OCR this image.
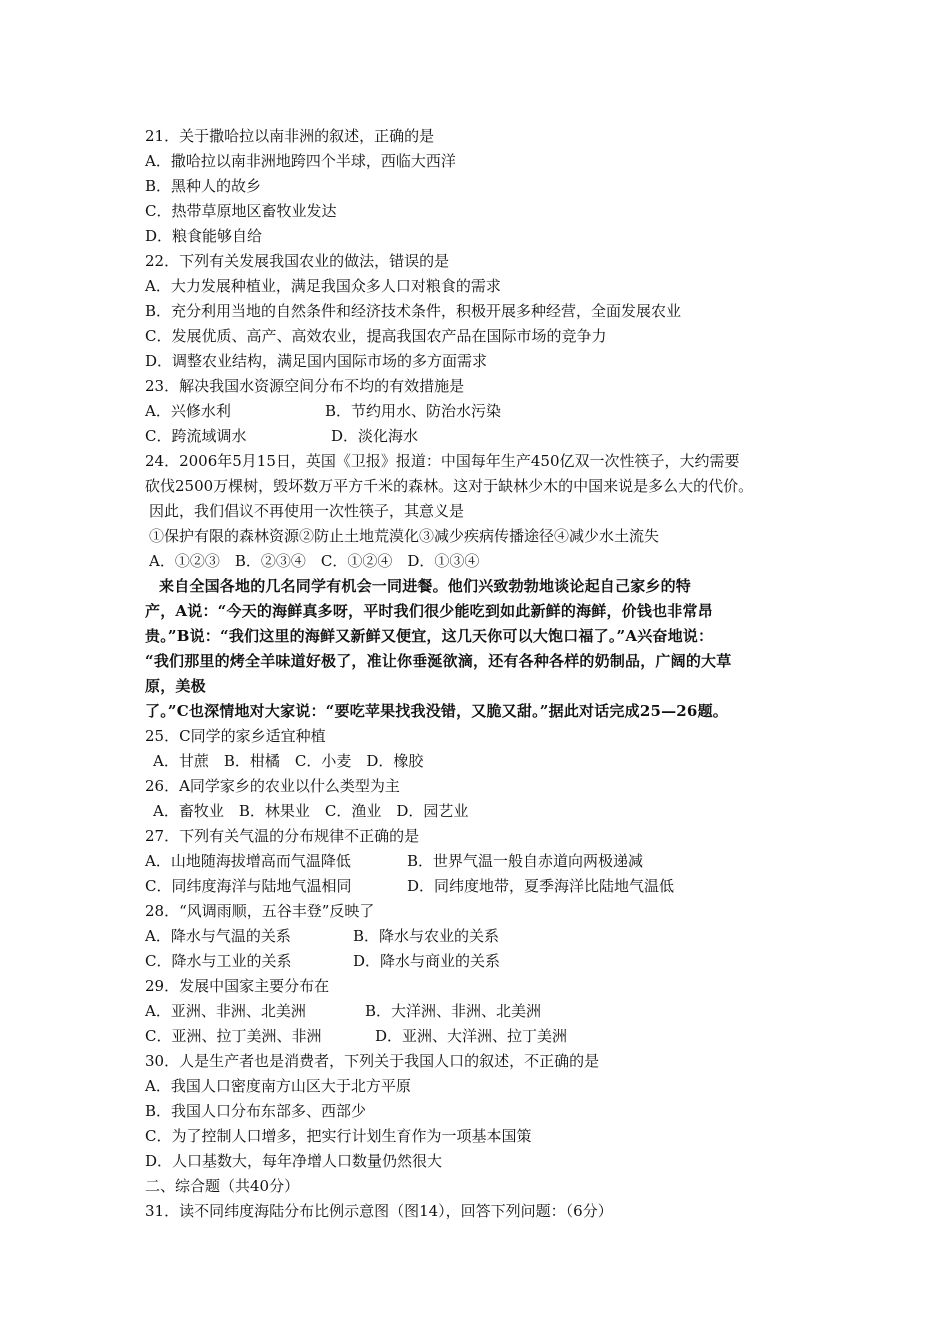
21．关于撒哈拉以南非洲的叙述，正确的是
A．撒哈拉以南非洲地跨四个半球，西临大西洋
B．黑种人的故乡
C．热带草原地区畜牧业发达
D．粮食能够自给
22．下列有关发展我国农业的做法，错误的是
A．大力发展种植业，满足我国众多人口对粮食的需求
B．充分利用当地的自然条件和经济技术条件，积极开展多种经营，全面发展农业
C．发展优质、高产、高效农业，提高我国农产品在国际市场的竞争力
D．调整农业结构，满足国内国际市场的多方面需求
23．解决我国水资源空间分布不均的有效措施是
A．兴修水利	B．节约用水、防治水污染
C．跨流域调水	D．淡化海水
24．2006年5月15日，英国《卫报》报道：中国每年生产450亿双一次性筷子，大约需要
砍伐2500万棵树，毁坏数万平方千米的森林。这对于缺林少木的中国来说是多么大的代价。
因此，我们倡议不再使用一次性筷子，其意义是
①保护有限的森林资源②防止土地荒漠化③减少疾病传播途径④减少水土流失
A．①②③　B．②③④　C．①②④　D．①③④
来自全国各地的几名同学有机会一同进餐。他们兴致勃勃地谈论起自己家乡的特
产，A说：“今天的海鲜真多呀，平时我们很少能吃到如此新鲜的海鲜，价钱也非常昂
贵。”B说：“我们这里的海鲜又新鲜又便宜，这几天你可以大饱口福了。”A兴奋地说：
“我们那里的烤全羊味道好极了，准让你垂涎欲滴，还有各种各样的奶制品，广阔的大草
原，美极
了。”C也深情地对大家说：“要吃苹果找我没错，又脆又甜。”据此对话完成25—26题。
25．C同学的家乡适宜种植
A．甘蔗　B．柑橘　C．小麦　D．橡胶
26．A同学家乡的农业以什么类型为主
A．畜牧业　B．林果业　C．渔业　D．园艺业
27．下列有关气温的分布规律不正确的是
A．山地随海拔增高而气温降低	B．世界气温一般自赤道向两极递减
C．同纬度海洋与陆地气温相同	D．同纬度地带，夏季海洋比陆地气温低
28．“风调雨顺，五谷丰登”反映了
A．降水与气温的关系	B．降水与农业的关系
C．降水与工业的关系	D．降水与商业的关系
29．发展中国家主要分布在
A．亚洲、非洲、北美洲	B．大洋洲、非洲、北美洲
C．亚洲、拉丁美洲、非洲	D．亚洲、大洋洲、拉丁美洲
30．人是生产者也是消费者，下列关于我国人口的叙述，不正确的是
A．我国人口密度南方山区大于北方平原
B．我国人口分布东部多、西部少
C．为了控制人口增多，把实行计划生育作为一项基本国策
D．人口基数大，每年净增人口数量仍然很大
二、综合题（共40分）
31．读不同纬度海陆分布比例示意图（图14），回答下列问题：（6分）
